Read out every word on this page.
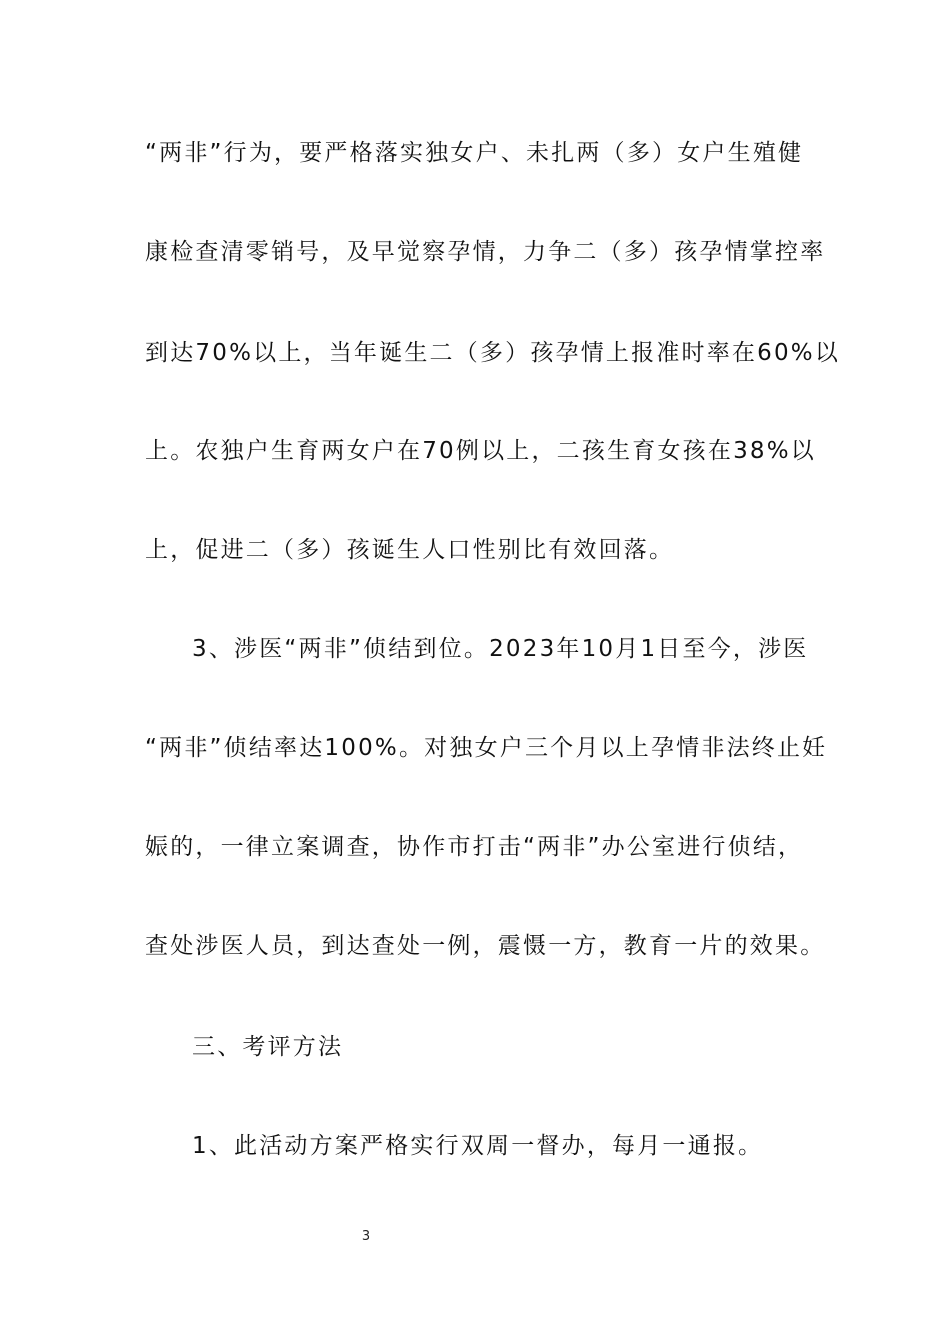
“两非”行为，要严格落实独女户、未扎两（多）女户生殖健
康检查清零销号，及早觉察孕情，力争二（多）孩孕情掌控率
到达70%以上，当年诞生二（多）孩孕情上报准时率在60%以
上。农独户生育两女户在70例以上，二孩生育女孩在38%以
上，促进二（多）孩诞生人口性别比有效回落。
3、涉医“两非”侦结到位。2023年10月1日至今，涉医
“两非”侦结率达100%。对独女户三个月以上孕情非法终止妊
娠的，一律立案调查，协作市打击“两非”办公室进行侦结，
查处涉医人员，到达查处一例，震慑一方，教育一片的效果。
三、考评方法
1、此活动方案严格实行双周一督办，每月一通报。
3
